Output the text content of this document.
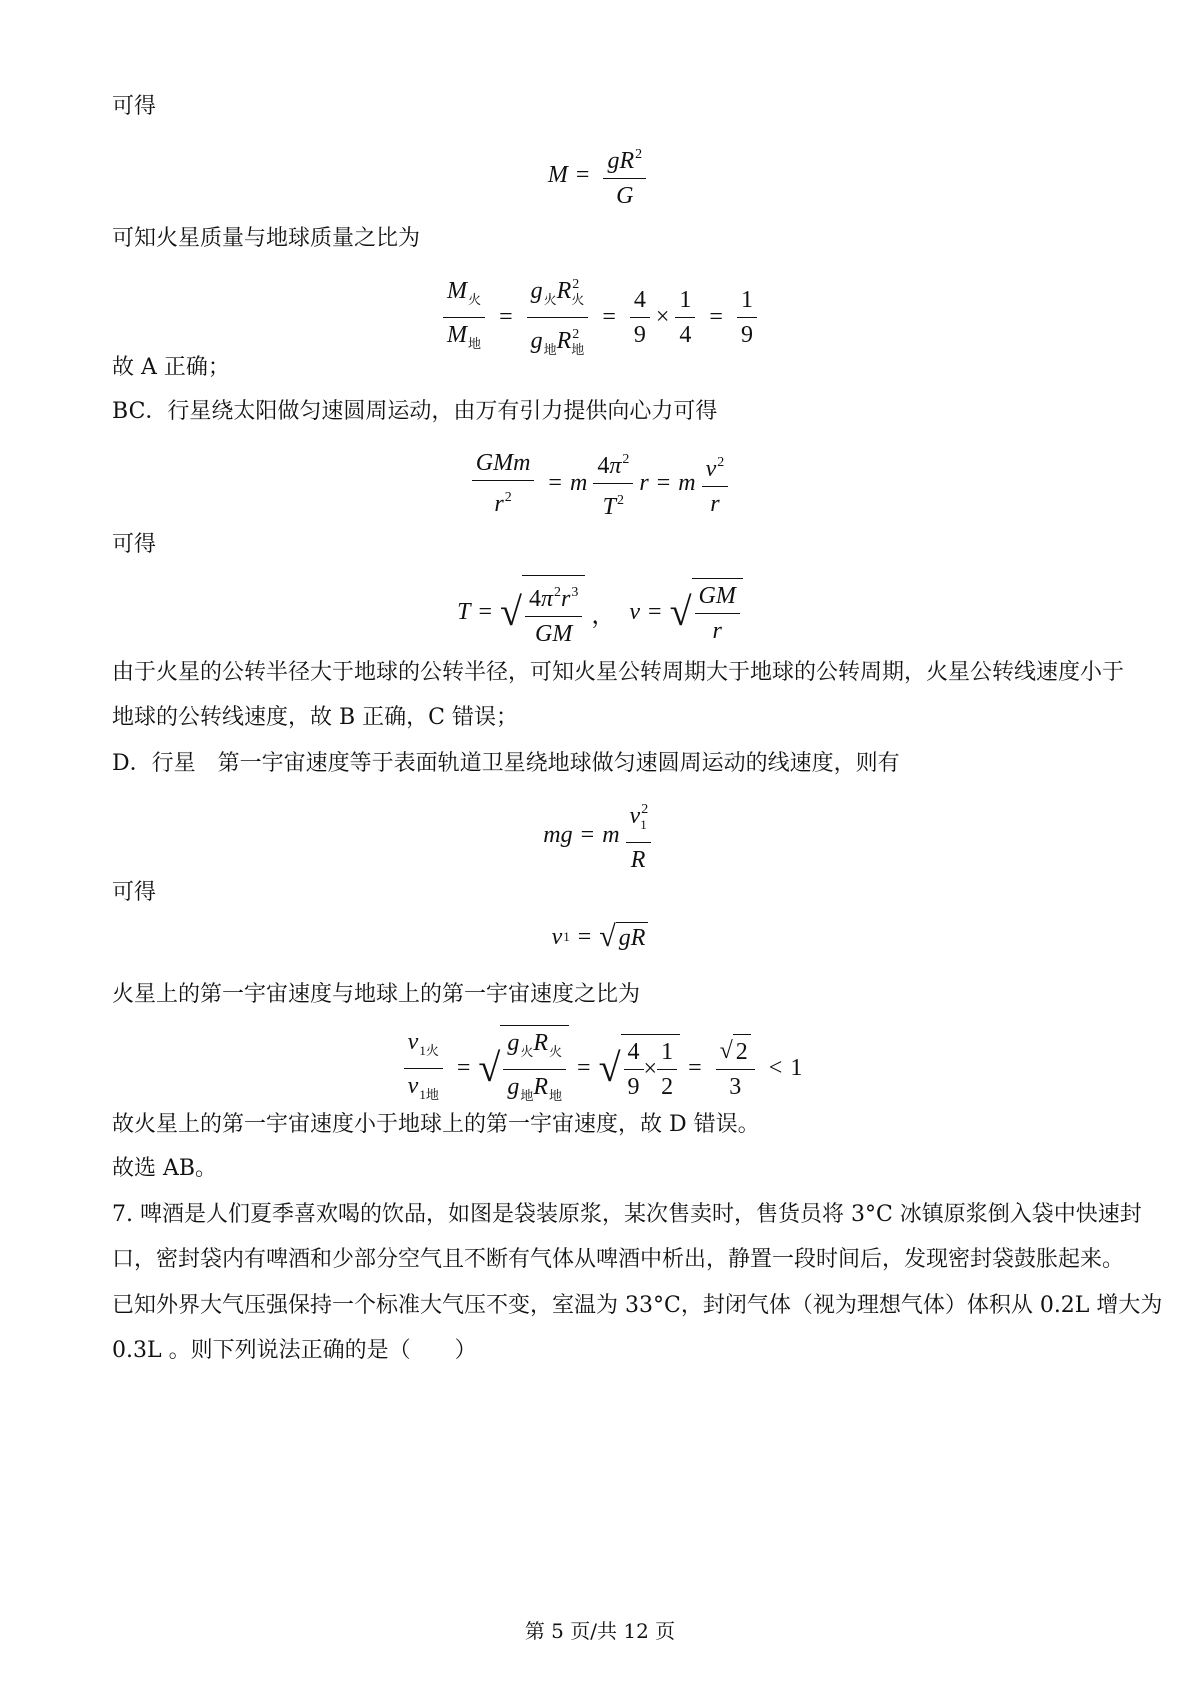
可得
$M = \frac{gR^2}{G}$
可知火星质量与地球质量之比为
$\frac{M_火}{M_地} = \frac{g_火R^2_火}{g_地R^2_地} = \frac{4}{9} \times \frac{1}{4} = \frac{1}{9}$
故 A 正确；
BC．行星绕太阳做匀速圆周运动，由万有引力提供向心力可得
$\frac{\text{GMm}}{r^2} = m \frac{4\pi^2}{T^2}$ r = m $\frac{v^2}{r}$
可得
T = √ $\frac{4\pi^2r^3}{GM}$ ， v = √ $\frac{GM}{r}$
由于火星的公转半径大于地球的公转半径，可知火星公转周期大于地球的公转周期，火星公转线速度小于
地球的公转线速度，故 B 正确，C 错误；
D．行星　第一宇宙速度等于表面轨道卫星绕地球做匀速圆周运动的线速度，则有
mg = m $\frac{v^2_1}{R}$
可得
v 1 = √ gR
火星上的第一宇宙速度与地球上的第一宇宙速度之比为
$\frac{v_{1火}}{v_{1地}}$ = √ $\frac{g_火R_火}{g_地R_地}$ = √ $\frac{4}{9} \times \frac{1}{2} = \frac{√ 2}{3} < 1$
故火星上的第一宇宙速度小于地球上的第一宇宙速度，故 D 错误。
故选 AB。
7. 啤酒是人们夏季喜欢喝的饮品，如图是袋装原浆，某次售卖时，售货员将 3°C 冰镇原浆倒入袋中快速封
口，密封袋内有啤酒和少部分空气且不断有气体从啤酒中析出，静置一段时间后，发现密封袋鼓胀起来。
已知外界大气压强保持一个标准大气压不变，室温为 33°C，封闭气体（视为理想气体）体积从 0.2L 增大为
0.3L 。则下列说法正确的是（　　）
第 5 页/共 12 页
